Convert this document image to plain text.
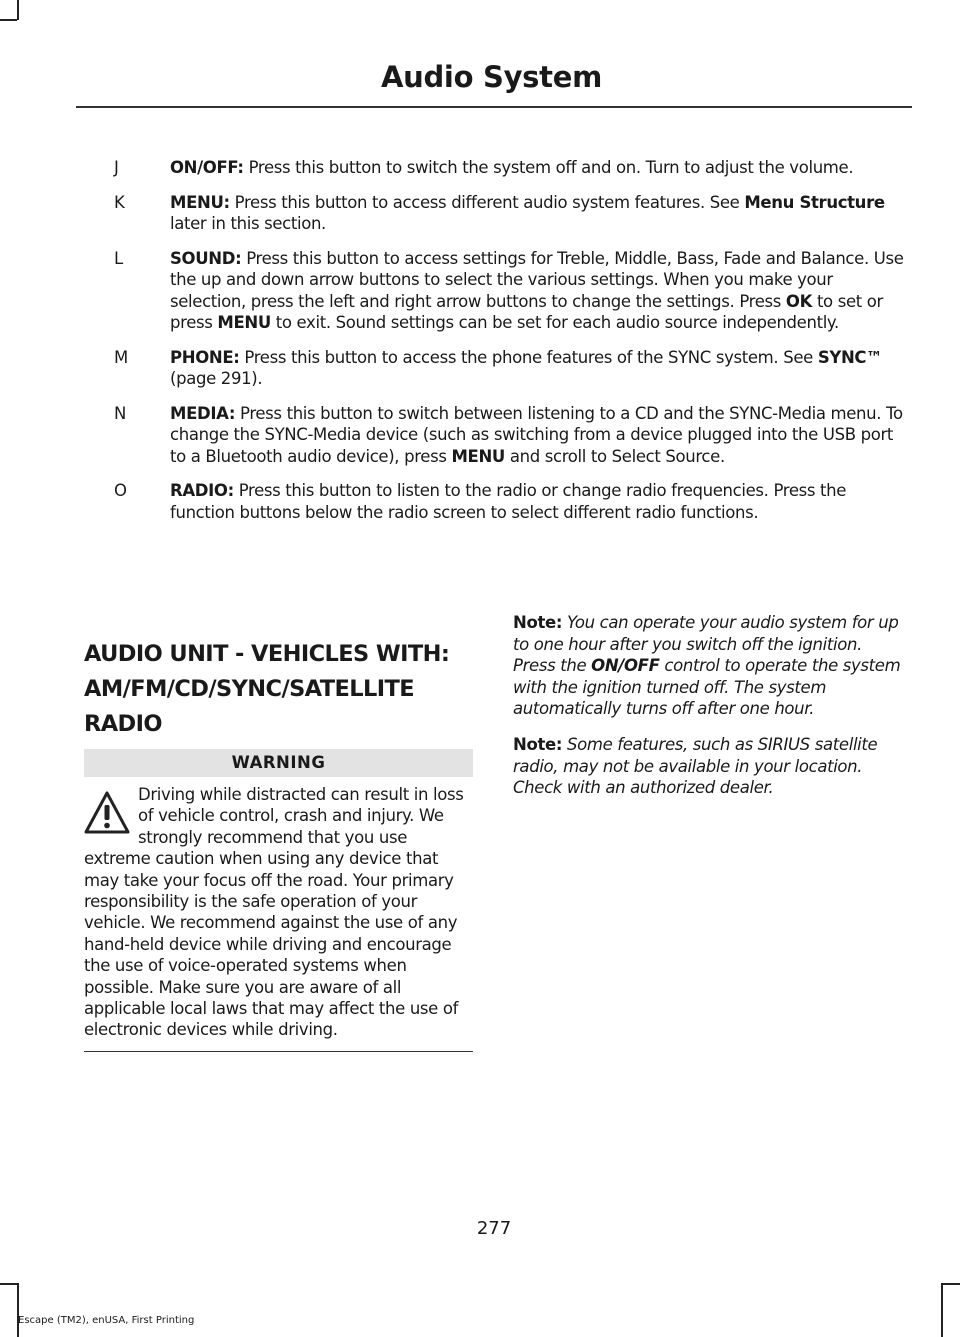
Audio System
J	ON/OFF: Press this button to switch the system off and on. Turn to adjust the volume.
K	MENU: Press this button to access different audio system features. See Menu Structure later in this section.
L	SOUND: Press this button to access settings for Treble, Middle, Bass, Fade and Balance. Use the up and down arrow buttons to select the various settings. When you make your selection, press the left and right arrow buttons to change the settings. Press OK to set or press MENU to exit. Sound settings can be set for each audio source independently.
M	PHONE: Press this button to access the phone features of the SYNC system. See SYNC™ (page 291).
N	MEDIA: Press this button to switch between listening to a CD and the SYNC-Media menu. To change the SYNC-Media device (such as switching from a device plugged into the USB port to a Bluetooth audio device), press MENU and scroll to Select Source.
O	RADIO: Press this button to listen to the radio or change radio frequencies. Press the function buttons below the radio screen to select different radio functions.
AUDIO UNIT - VEHICLES WITH:
AM/FM/CD/SYNC/SATELLITE
RADIO
WARNING
Driving while distracted can result in loss of vehicle control, crash and injury. We strongly recommend that you use extreme caution when using any device that may take your focus off the road. Your primary responsibility is the safe operation of your vehicle. We recommend against the use of any hand-held device while driving and encourage the use of voice-operated systems when possible. Make sure you are aware of all applicable local laws that may affect the use of electronic devices while driving.
Note: You can operate your audio system for up to one hour after you switch off the ignition. Press the ON/OFF control to operate the system with the ignition turned off. The system automatically turns off after one hour.
Note: Some features, such as SIRIUS satellite radio, may not be available in your location. Check with an authorized dealer.
277
Escape (TM2), enUSA, First Printing
